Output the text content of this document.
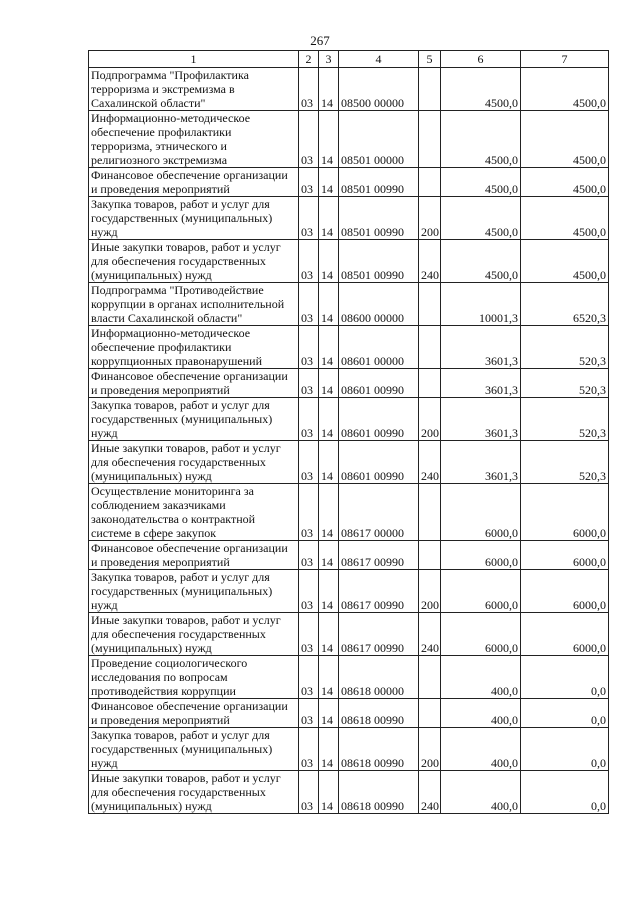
267
1	2	3	4	5	6	7

Подпрограмма "Профилактика
терроризма и экстремизма в
Сахалинской области"	03	14	08500 00000		4500,0	4500,0

Информационно-методическое
обеспечение профилактики
терроризма, этнического и
религиозного экстремизма	03	14	08501 00000		4500,0	4500,0

Финансовое обеспечение организации
и проведения мероприятий	03	14	08501 00990		4500,0	4500,0

Закупка товаров, работ и услуг для
государственных (муниципальных)
нужд	03	14	08501 00990	200	4500,0	4500,0

Иные закупки товаров, работ и услуг
для обеспечения государственных
(муниципальных) нужд	03	14	08501 00990	240	4500,0	4500,0

Подпрограмма "Противодействие
коррупции в органах исполнительной
власти Сахалинской области"	03	14	08600 00000		10001,3	6520,3

Информационно-методическое
обеспечение профилактики
коррупционных правонарушений	03	14	08601 00000		3601,3	520,3

Финансовое обеспечение организации
и проведения мероприятий	03	14	08601 00990		3601,3	520,3

Закупка товаров, работ и услуг для
государственных (муниципальных)
нужд	03	14	08601 00990	200	3601,3	520,3

Иные закупки товаров, работ и услуг
для обеспечения государственных
(муниципальных) нужд	03	14	08601 00990	240	3601,3	520,3

Осуществление мониторинга за
соблюдением заказчиками
законодательства о контрактной
системе в сфере закупок	03	14	08617 00000		6000,0	6000,0

Финансовое обеспечение организации
и проведения мероприятий	03	14	08617 00990		6000,0	6000,0

Закупка товаров, работ и услуг для
государственных (муниципальных)
нужд	03	14	08617 00990	200	6000,0	6000,0

Иные закупки товаров, работ и услуг
для обеспечения государственных
(муниципальных) нужд	03	14	08617 00990	240	6000,0	6000,0

Проведение социологического
исследования по вопросам
противодействия коррупции	03	14	08618 00000		400,0	0,0

Финансовое обеспечение организации
и проведения мероприятий	03	14	08618 00990		400,0	0,0

Закупка товаров, работ и услуг для
государственных (муниципальных)
нужд	03	14	08618 00990	200	400,0	0,0

Иные закупки товаров, работ и услуг
для обеспечения государственных
(муниципальных) нужд	03	14	08618 00990	240	400,0	0,0
